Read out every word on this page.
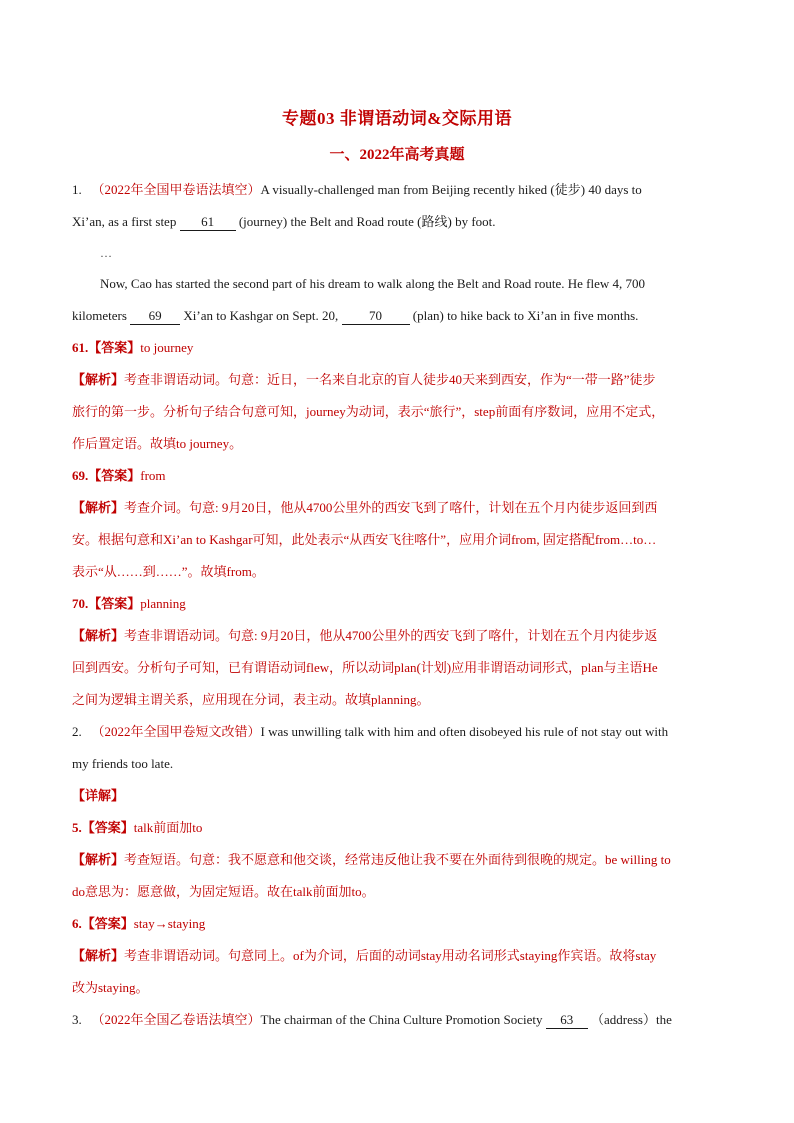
专题03 非谓语动词&交际用语
一、2022年高考真题

1. （2022年全国甲卷语法填空）A visually-challenged man from Beijing recently hiked (徒步) 40 days to

Xi’an, as a first step 61 (journey) the Belt and Road route (路线) by foot.

…

Now, Cao has started the second part of his dream to walk along the Belt and Road route. He flew 4, 700

kilometers 69 Xi’an to Kashgar on Sept. 20, 70 (plan) to hike back to Xi’an in five months.

61.【答案】to journey

【解析】考查非谓语动词。句意：近日，一名来自北京的盲人徒步40天来到西安，作为“一带一路”徒步

旅行的第一步。分析句子结合句意可知，journey为动词，表示“旅行”，step前面有序数词，应用不定式，

作后置定语。故填to journey。

69.【答案】from

【解析】考查介词。句意: 9月20日，他从4700公里外的西安飞到了喀什，计划在五个月内徒步返回到西

安。根据句意和Xi’an to Kashgar可知，此处表示“从西安飞往喀什”，应用介词from, 固定搭配from…to…

表示“从……到……”。故填from。

70.【答案】planning

【解析】考查非谓语动词。句意: 9月20日，他从4700公里外的西安飞到了喀什，计划在五个月内徒步返

回到西安。分析句子可知，已有谓语动词flew，所以动词plan(计划)应用非谓语动词形式，plan与主语He

之间为逻辑主谓关系，应用现在分词，表主动。故填planning。

2. （2022年全国甲卷短文改错）I was unwilling talk with him and often disobeyed his rule of not stay out with

my friends too late.

【详解】

5.【答案】talk前面加to

【解析】考查短语。句意：我不愿意和他交谈，经常违反他让我不要在外面待到很晚的规定。be willing to

do意思为：愿意做，为固定短语。故在talk前面加to。

6.【答案】stay→staying

【解析】考查非谓语动词。句意同上。of为介词，后面的动词stay用动名词形式staying作宾语。故将stay

改为staying。

3. （2022年全国乙卷语法填空）The chairman of the China Culture Promotion Society 63 （address）the
